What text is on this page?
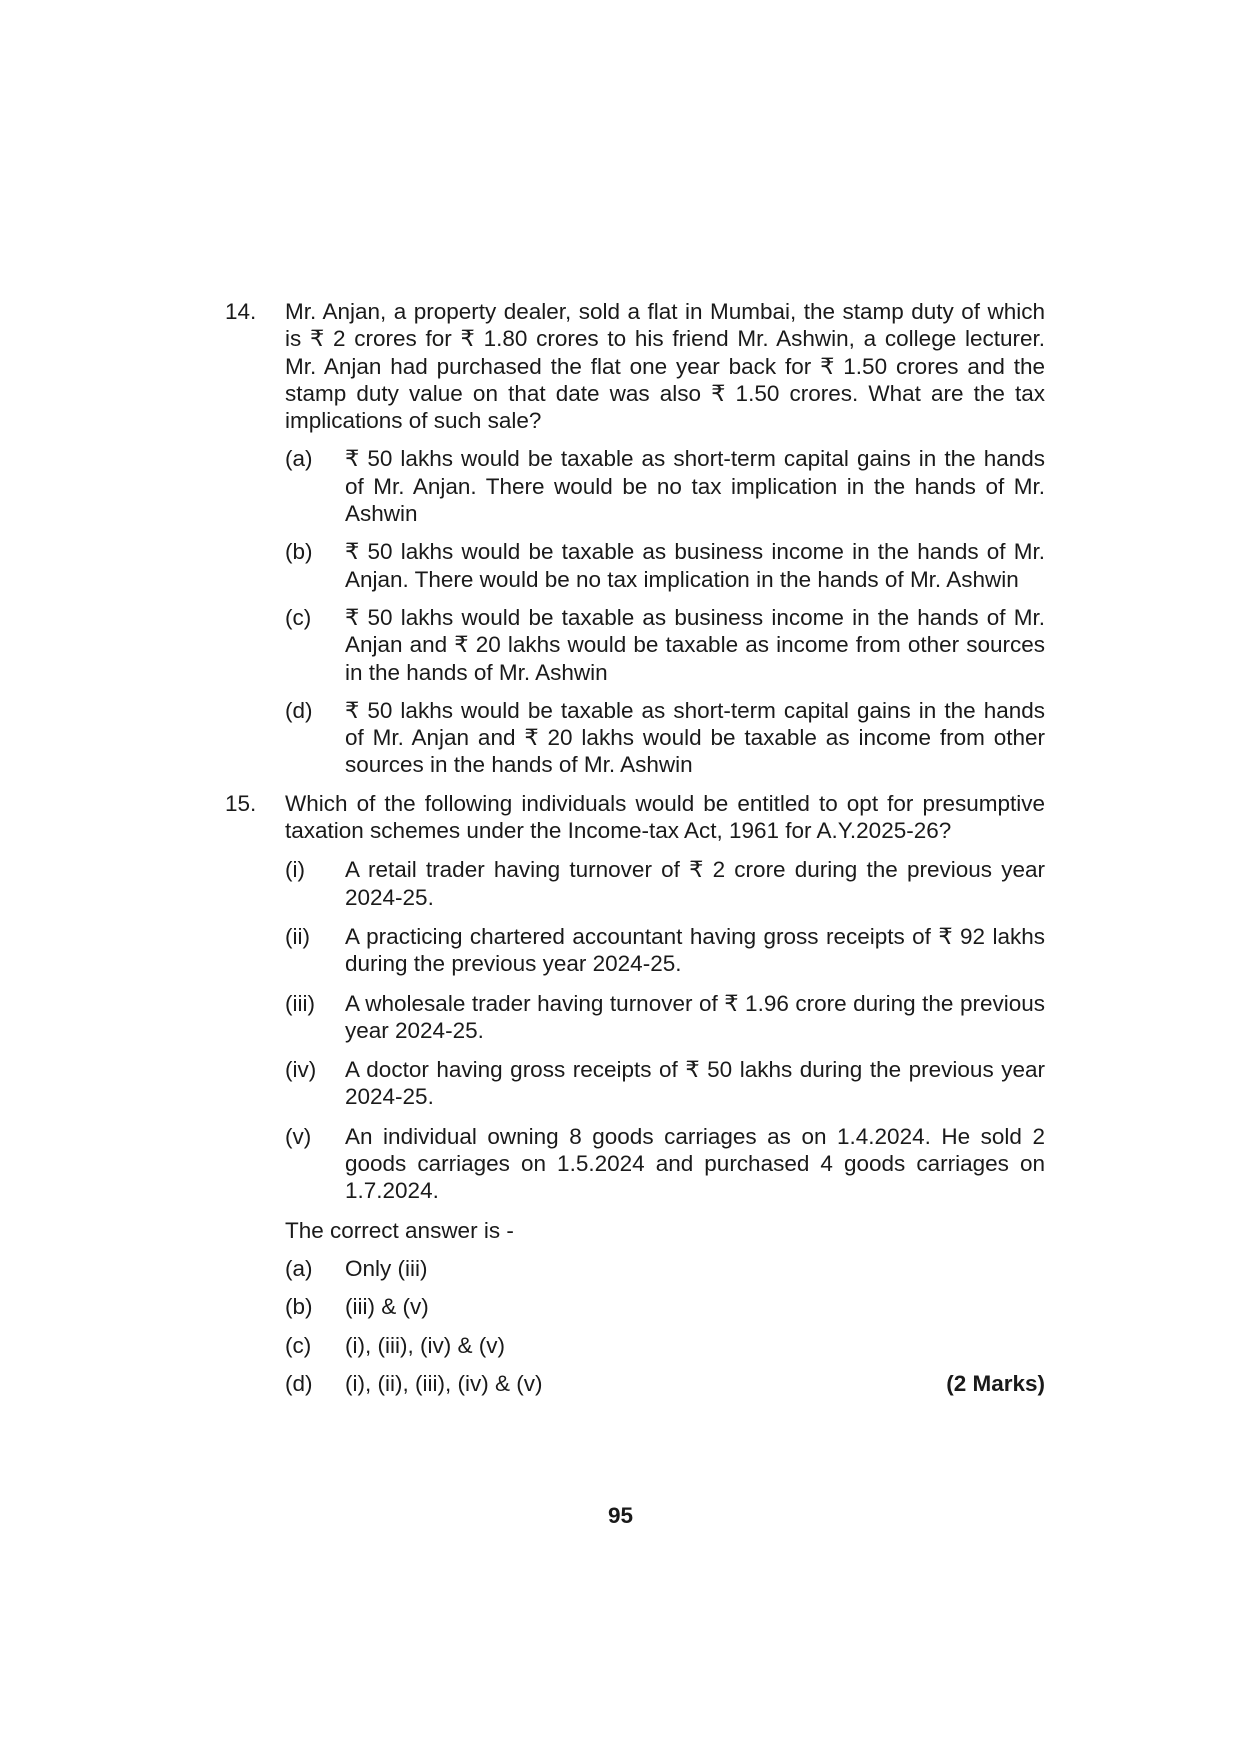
14. Mr. Anjan, a property dealer, sold a flat in Mumbai, the stamp duty of which is ₹ 2 crores for ₹ 1.80 crores to his friend Mr. Ashwin, a college lecturer. Mr. Anjan had purchased the flat one year back for ₹ 1.50 crores and the stamp duty value on that date was also ₹ 1.50 crores. What are the tax implications of such sale?
(a) ₹ 50 lakhs would be taxable as short-term capital gains in the hands of Mr. Anjan. There would be no tax implication in the hands of Mr. Ashwin
(b) ₹ 50 lakhs would be taxable as business income in the hands of Mr. Anjan. There would be no tax implication in the hands of Mr. Ashwin
(c) ₹ 50 lakhs would be taxable as business income in the hands of Mr. Anjan and ₹ 20 lakhs would be taxable as income from other sources in the hands of Mr. Ashwin
(d) ₹ 50 lakhs would be taxable as short-term capital gains in the hands of Mr. Anjan and ₹ 20 lakhs would be taxable as income from other sources in the hands of Mr. Ashwin
15. Which of the following individuals would be entitled to opt for presumptive taxation schemes under the Income-tax Act, 1961 for A.Y.2025-26?
(i) A retail trader having turnover of ₹ 2 crore during the previous year 2024-25.
(ii) A practicing chartered accountant having gross receipts of ₹ 92 lakhs during the previous year 2024-25.
(iii) A wholesale trader having turnover of ₹ 1.96 crore during the previous year 2024-25.
(iv) A doctor having gross receipts of ₹ 50 lakhs during the previous year 2024-25.
(v) An individual owning 8 goods carriages as on 1.4.2024. He sold 2 goods carriages on 1.5.2024 and purchased 4 goods carriages on 1.7.2024.
The correct answer is -
(a) Only (iii)
(b) (iii) & (v)
(c) (i), (iii), (iv) & (v)
(d) (i), (ii), (iii), (iv) & (v)	(2 Marks)
95
